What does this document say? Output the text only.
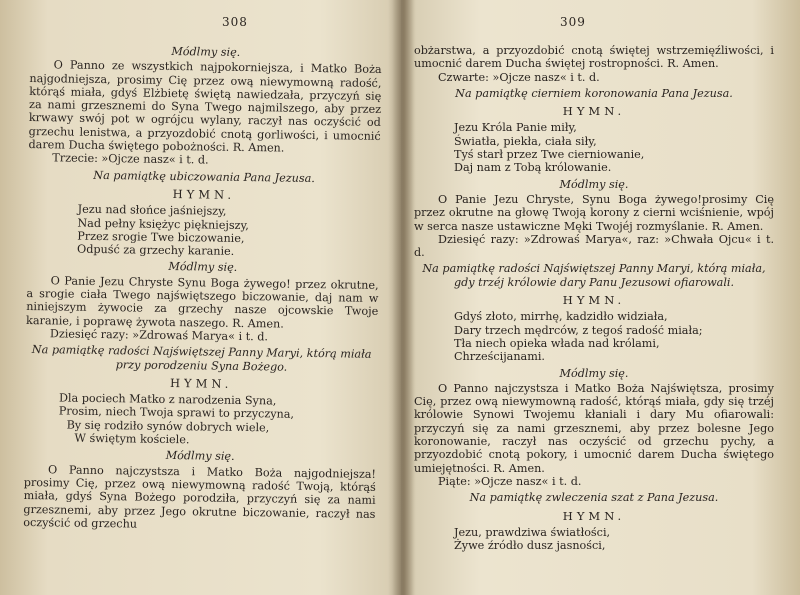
308

Módlmy się.

O Panno ze wszystkich najpokorniejsza, i Matko Boża najgodniejsza, prosimy Cię przez ową niewymowną radość, którąś miała, gdyś Elżbietę świętą nawiedzała, przyczyń się za nami grzesznemi do Syna Twego najmilszego, aby przez krwawy swój pot w ogrójcu wylany, raczył nas oczyścić od grzechu lenistwa, a przyozdobić cnotą gorliwości, i umocnić darem Ducha świętego pobożności. R. Amen.

Trzecie: »Ojcze nasz« i t. d.

Na pamiątkę ubiczowania Pana Jezusa.

HYMN.

Jezu nad słońce jaśniejszy,
Nad pełny księżyc piękniejszy,
Przez srogie Twe biczowanie,
Odpuść za grzechy karanie.

Módlmy się.

O Panie Jezu Chryste Synu Boga żywego! przez okrutne, a srogie ciała Twego najświętszego biczowanie, daj nam w niniejszym żywocie za grzechy nasze ojcowskie Twoje karanie, i poprawę żywota naszego. R. Amen.

Dziesięć razy: »Zdrowaś Marya« i t. d.

Na pamiątkę radości Najświętszej Panny Maryi, którą miała przy porodzeniu Syna Bożego.

HYMN.

Dla pociech Matko z narodzenia Syna,
Prosim, niech Twoja sprawi to przyczyna,
By się rodziło synów dobrych wiele,
W świętym kościele.

Módlmy się.

O Panno najczystsza i Matko Boża najgodniejsza! prosimy Cię, przez ową niewymowną radość Twoją, którąś miała, gdyś Syna Bożego porodziła, przyczyń się za nami grzesznemi, aby przez Jego okrutne biczowanie, raczył nas oczyścić od grzechu

309

obżarstwa, a przyozdobić cnotą świętej wstrzemięźliwości, i umocnić darem Ducha świętej rostropności. R. Amen.

Czwarte: »Ojcze nasz« i t. d.

Na pamiątkę cierniem koronowania Pana Jezusa.

HYMN.

Jezu Króla Panie miły,
Światła, piekła, ciała siły,
Tyś starł przez Twe cierniowanie,
Daj nam z Tobą królowanie.

Módlmy się.

O Panie Jezu Chryste, Synu Boga żywego!prosimy Cię przez okrutne na głowę Twoją korony z cierni wciśnienie, wpój w serca nasze ustawiczne Męki Twojéj rozmyślanie. R. Amen.

Dziesięć razy: »Zdrowaś Marya«, raz: »Chwała Ojcu« i t. d.

Na pamiątkę radości Najświętszej Panny Maryi, którą miała, gdy trzéj królowie dary Panu Jezusowi ofiarowali.

HYMN.

Gdyś złoto, mirrhę, kadzidło widziała,
Dary trzech mędrców, z tegoś radość miała;
Tła niech opieka włada nad królami,
Chrześcijanami.

Módlmy się.

O Panno najczystsza i Matko Boża Najświętsza, prosimy Cię, przez ową niewymowną radość, którąś miała, gdy się trzéj królowie Synowi Twojemu kłaniali i dary Mu ofiarowali: przyczyń się za nami grzesznemi, aby przez bolesne Jego koronowanie, raczył nas oczyścić od grzechu pychy, a przyozdobić cnotą pokory, i umocnić darem Ducha świętego umiejętności. R. Amen.

Piąte: »Ojcze nasz« i t. d.

Na pamiątkę zwleczenia szat z Pana Jezusa.

HYMN.

Jezu, prawdziwa światłości,
Żywe źródło dusz jasności,
